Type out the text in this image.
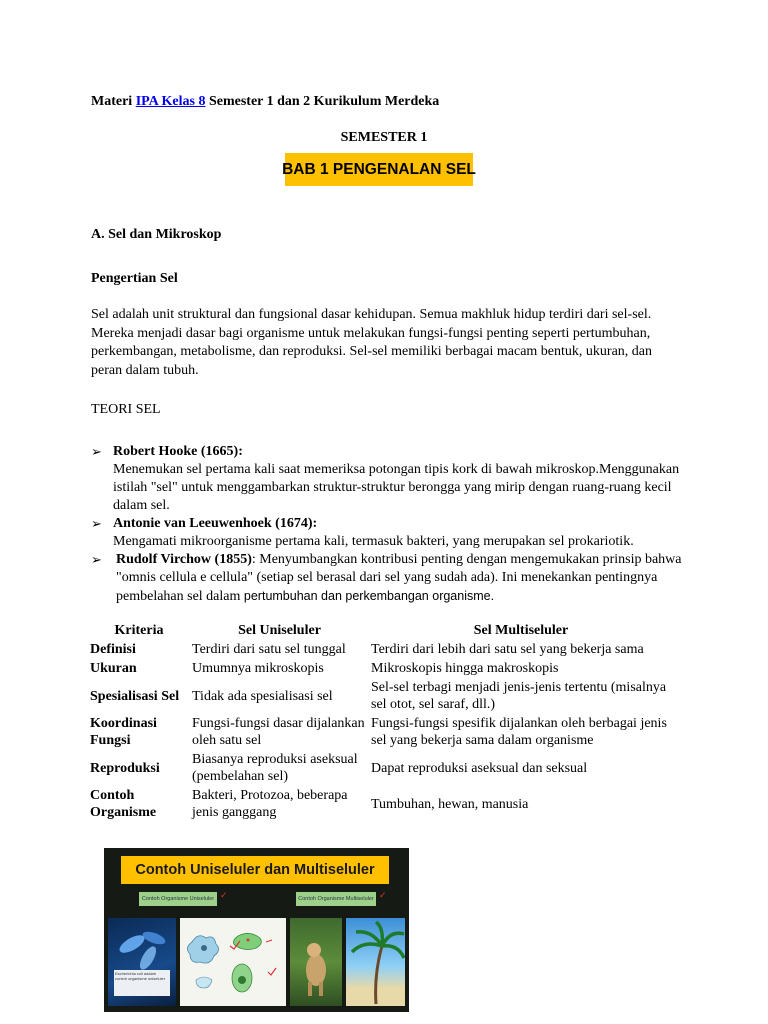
Materi IPA Kelas 8 Semester 1 dan 2 Kurikulum Merdeka
SEMESTER 1
BAB 1 PENGENALAN SEL
A. Sel dan Mikroskop
Pengertian Sel
Sel adalah unit struktural dan fungsional dasar kehidupan. Semua makhluk hidup terdiri dari sel-sel. Mereka menjadi dasar bagi organisme untuk melakukan fungsi-fungsi penting seperti pertumbuhan, perkembangan, metabolisme, dan reproduksi. Sel-sel memiliki berbagai macam bentuk, ukuran, dan peran dalam tubuh.
TEORI SEL
➢ Robert Hooke (1665):
Menemukan sel pertama kali saat memeriksa potongan tipis kork di bawah mikroskop.Menggunakan istilah "sel" untuk menggambarkan struktur-struktur berongga yang mirip dengan ruang-ruang kecil dalam sel.
➢ Antonie van Leeuwenhoek (1674):
Mengamati mikroorganisme pertama kali, termasuk bakteri, yang merupakan sel prokariotik.
➢ Rudolf Virchow (1855): Menyumbangkan kontribusi penting dengan mengemukakan prinsip bahwa "omnis cellula e cellula" (setiap sel berasal dari sel yang sudah ada). Ini menekankan pentingnya pembelahan sel dalam pertumbuhan dan perkembangan organisme.
Kriteria	Sel Uniseluler	Sel Multiseluler
Definisi	Terdiri dari satu sel tunggal	Terdiri dari lebih dari satu sel yang bekerja sama
Ukuran	Umumnya mikroskopis	Mikroskopis hingga makroskopis
Spesialisasi Sel	Tidak ada spesialisasi sel	Sel-sel terbagi menjadi jenis-jenis tertentu (misalnya sel otot, sel saraf, dll.)
Koordinasi Fungsi	Fungsi-fungsi dasar dijalankan oleh satu sel	Fungsi-fungsi spesifik dijalankan oleh berbagai jenis sel yang bekerja sama dalam organisme
Reproduksi	Biasanya reproduksi aseksual (pembelahan sel)	Dapat reproduksi aseksual dan seksual
Contoh Organisme	Bakteri, Protozoa, beberapa jenis ganggang	Tumbuhan, hewan, manusia
Contoh Uniseluler dan Multiseluler
Contoh Organisme Uniseluler ✓	Contoh Organisme Multiseluler ✓
Escherichia coli adalah contoh organisme uniseluler
